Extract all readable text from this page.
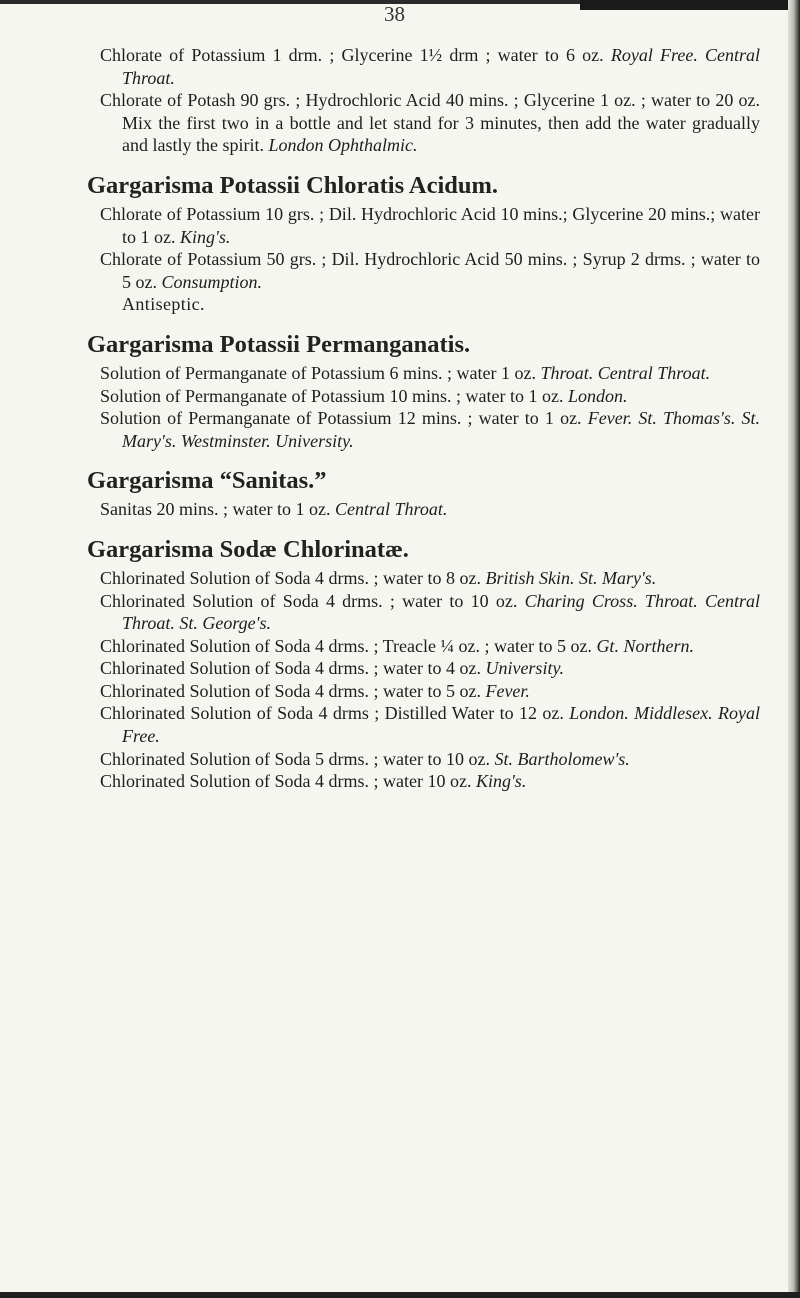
38

Chlorate of Potassium 1 drm. ; Glycerine 1½ drm ; water to 6 oz. Royal Free. Central Throat.

Chlorate of Potash 90 grs. ; Hydrochloric Acid 40 mins. ; Glycerine 1 oz. ; water to 20 oz. Mix the first two in a bottle and let stand for 3 minutes, then add the water gradually and lastly the spirit. London Ophthalmic.

Gargarisma Potassii Chloratis Acidum.

Chlorate of Potassium 10 grs. ; Dil. Hydrochloric Acid 10 mins.; Glycerine 20 mins.; water to 1 oz. King's.

Chlorate of Potassium 50 grs. ; Dil. Hydrochloric Acid 50 mins. ; Syrup 2 drms. ; water to 5 oz. Consumption.

Antiseptic.

Gargarisma Potassii Permanganatis.

Solution of Permanganate of Potassium 6 mins. ; water 1 oz. Throat. Central Throat.

Solution of Permanganate of Potassium 10 mins. ; water to 1 oz. London.

Solution of Permanganate of Potassium 12 mins. ; water to 1 oz. Fever. St. Thomas's. St. Mary's. Westminster. University.

Gargarisma “Sanitas.”

Sanitas 20 mins. ; water to 1 oz. Central Throat.

Gargarisma Sodæ Chlorinatæ.

Chlorinated Solution of Soda 4 drms. ; water to 8 oz. British Skin. St. Mary's.

Chlorinated Solution of Soda 4 drms. ; water to 10 oz. Charing Cross. Throat. Central Throat. St. George's.

Chlorinated Solution of Soda 4 drms. ; Treacle ¼ oz. ; water to 5 oz. Gt. Northern.

Chlorinated Solution of Soda 4 drms. ; water to 4 oz. University.

Chlorinated Solution of Soda 4 drms. ; water to 5 oz. Fever.

Chlorinated Solution of Soda 4 drms ; Distilled Water to 12 oz. London. Middlesex. Royal Free.

Chlorinated Solution of Soda 5 drms. ; water to 10 oz. St. Bartholomew's.

Chlorinated Solution of Soda 4 drms. ; water 10 oz. King's.
